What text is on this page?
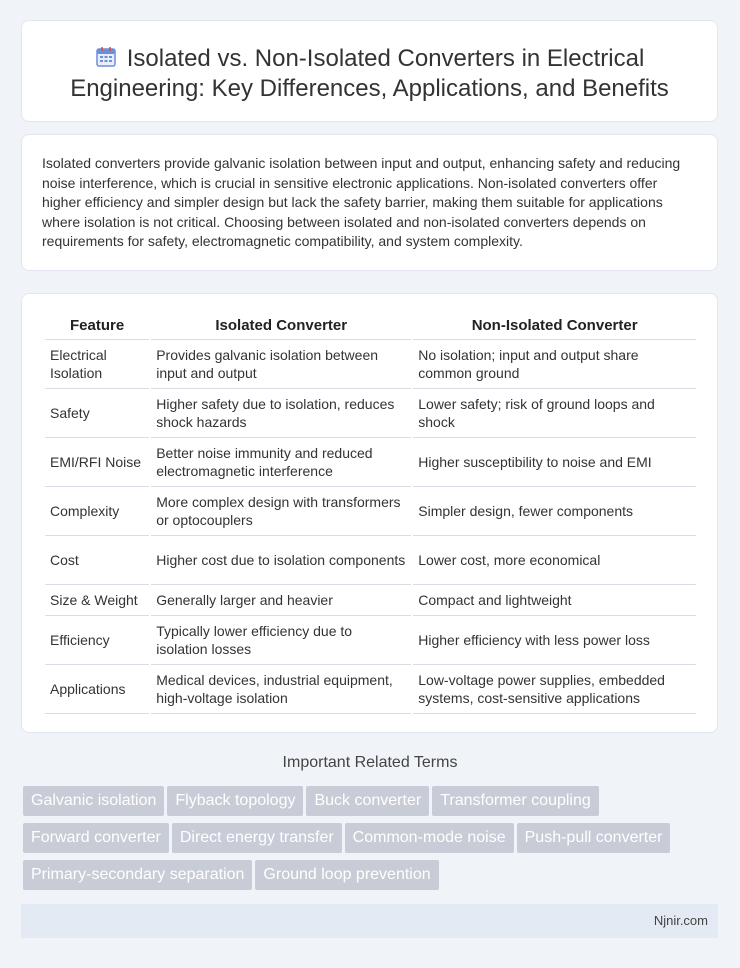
Isolated vs. Non-Isolated Converters in Electrical Engineering: Key Differences, Applications, and Benefits

Isolated converters provide galvanic isolation between input and output, enhancing safety and reducing noise interference, which is crucial in sensitive electronic applications. Non-isolated converters offer higher efficiency and simpler design but lack the safety barrier, making them suitable for applications where isolation is not critical. Choosing between isolated and non-isolated converters depends on requirements for safety, electromagnetic compatibility, and system complexity.

Feature	Isolated Converter	Non-Isolated Converter
Electrical Isolation	Provides galvanic isolation between input and output	No isolation; input and output share common ground
Safety	Higher safety due to isolation, reduces shock hazards	Lower safety; risk of ground loops and shock
EMI/RFI Noise	Better noise immunity and reduced electromagnetic interference	Higher susceptibility to noise and EMI
Complexity	More complex design with transformers or optocouplers	Simpler design, fewer components
Cost	Higher cost due to isolation components	Lower cost, more economical
Size & Weight	Generally larger and heavier	Compact and lightweight
Efficiency	Typically lower efficiency due to isolation losses	Higher efficiency with less power loss
Applications	Medical devices, industrial equipment, high-voltage isolation	Low-voltage power supplies, embedded systems, cost-sensitive applications
Important Related Terms
Galvanic isolation Flyback topology Buck converter Transformer coupling
Forward converter Direct energy transfer Common-mode noise Push-pull converter
Primary-secondary separation Ground loop prevention
Njnir.com
